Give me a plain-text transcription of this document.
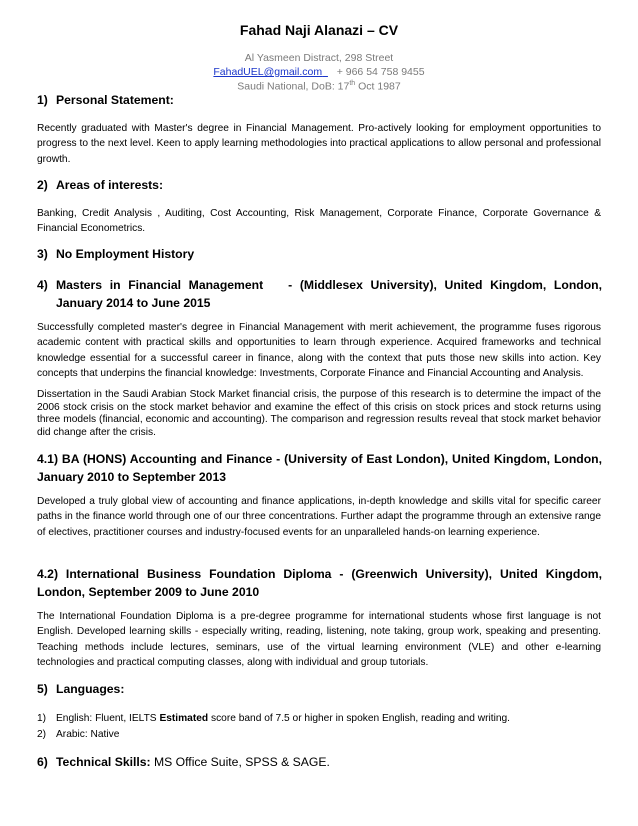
Fahad Naji Alanazi – CV
Al Yasmeen Distract, 298 Street
FahadUEL@gmail.com + 966 54 758 9455
Saudi National, DoB: 17th Oct 1987
1) Personal Statement:
Recently graduated with Master's degree in Financial Management. Pro-actively looking for employment opportunities to progress to the next level. Keen to apply learning methodologies into practical applications to allow personal and professional growth.
2) Areas of interests:
Banking, Credit Analysis , Auditing, Cost Accounting, Risk Management, Corporate Finance, Corporate Governance & Financial Econometrics.
3) No Employment History
4) Masters in Financial Management - (Middlesex University), United Kingdom, London, January 2014 to June 2015
Successfully completed master's degree in Financial Management with merit achievement, the programme fuses rigorous academic content with practical skills and opportunities to learn through experience. Acquired frameworks and technical knowledge essential for a successful career in finance, along with the context that puts those new skills into action. Key concepts that underpins the financial knowledge: Investments, Corporate Finance and Financial Accounting and Analysis.
Dissertation in the Saudi Arabian Stock Market financial crisis, the purpose of this research is to determine the impact of the 2006 stock crisis on the stock market behavior and examine the effect of this crisis on stock prices and stock returns using three models (financial, economic and accounting). The comparison and regression results reveal that stock market behavior did change after the crisis.
4.1) BA (HONS) Accounting and Finance - (University of East London), United Kingdom, London, January 2010 to September 2013
Developed a truly global view of accounting and finance applications, in-depth knowledge and skills vital for specific career paths in the finance world through one of our three concentrations. Further adapt the programme through an extensive range of electives, practitioner courses and industry-focused events for an unparalleled hands-on learning experience.
4.2) International Business Foundation Diploma - (Greenwich University), United Kingdom, London, September 2009 to June 2010
The International Foundation Diploma is a pre-degree programme for international students whose first language is not English. Developed learning skills - especially writing, reading, listening, note taking, group work, speaking and presenting. Teaching methods include lectures, seminars, use of the virtual learning environment (VLE) and other e-learning technologies and practical computing classes, along with individual and group tutorials.
5) Languages:
1) English: Fluent, IELTS Estimated score band of 7.5 or higher in spoken English, reading and writing.
2) Arabic: Native
6) Technical Skills: MS Office Suite, SPSS & SAGE.
